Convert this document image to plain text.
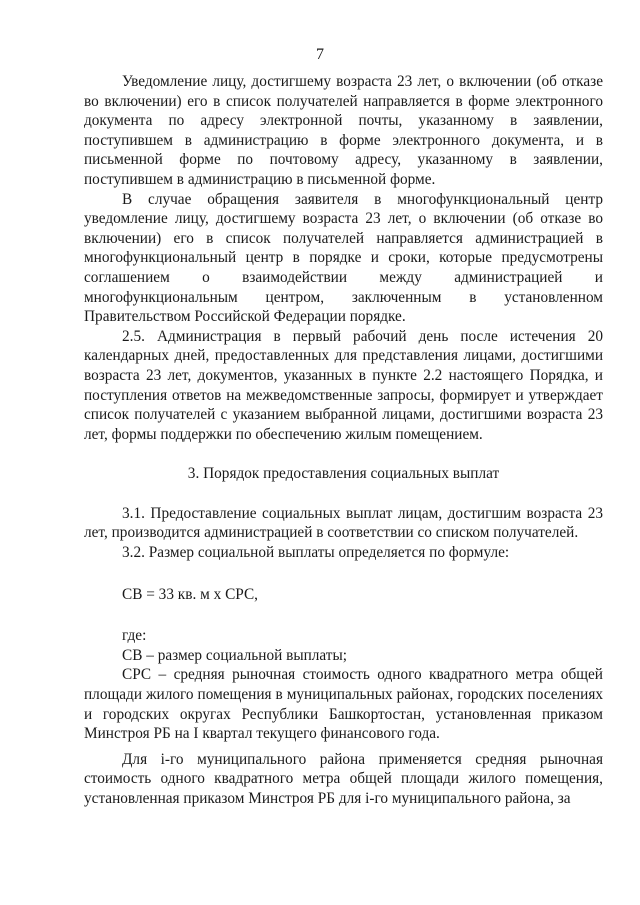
7

Уведомление лицу, достигшему возраста 23 лет, о включении (об отказе во включении) его в список получателей направляется в форме электронного документа по адресу электронной почты, указанному в заявлении, поступившем в администрацию в форме электронного документа, и в письменной форме по почтовому адресу, указанному в заявлении, поступившем в администрацию в письменной форме.

В случае обращения заявителя в многофункциональный центр уведомление лицу, достигшему возраста 23 лет, о включении (об отказе во включении) его в список получателей направляется администрацией в многофункциональный центр в порядке и сроки, которые предусмотрены соглашением о взаимодействии между администрацией и многофункциональным центром, заключенным в установленном Правительством Российской Федерации порядке.

2.5. Администрация в первый рабочий день после истечения 20 календарных дней, предоставленных для представления лицами, достигшими возраста 23 лет, документов, указанных в пункте 2.2 настоящего Порядка, и поступления ответов на межведомственные запросы, формирует и утверждает список получателей с указанием выбранной лицами, достигшими возраста 23 лет, формы поддержки по обеспечению жилым помещением.

3. Порядок предоставления социальных выплат

3.1. Предоставление социальных выплат лицам, достигшим возраста 23 лет, производится администрацией в соответствии со списком получателей.

3.2. Размер социальной выплаты определяется по формуле:

СВ = 33 кв. м х СРС,

где:

СВ – размер социальной выплаты;

СРС – средняя рыночная стоимость одного квадратного метра общей площади жилого помещения в муниципальных районах, городских поселениях и городских округах Республики Башкортостан, установленная приказом Минстроя РБ на I квартал текущего финансового года.

Для i-го муниципального района применяется средняя рыночная стоимость одного квадратного метра общей площади жилого помещения, установленная приказом Минстроя РБ для i-го муниципального района, за
